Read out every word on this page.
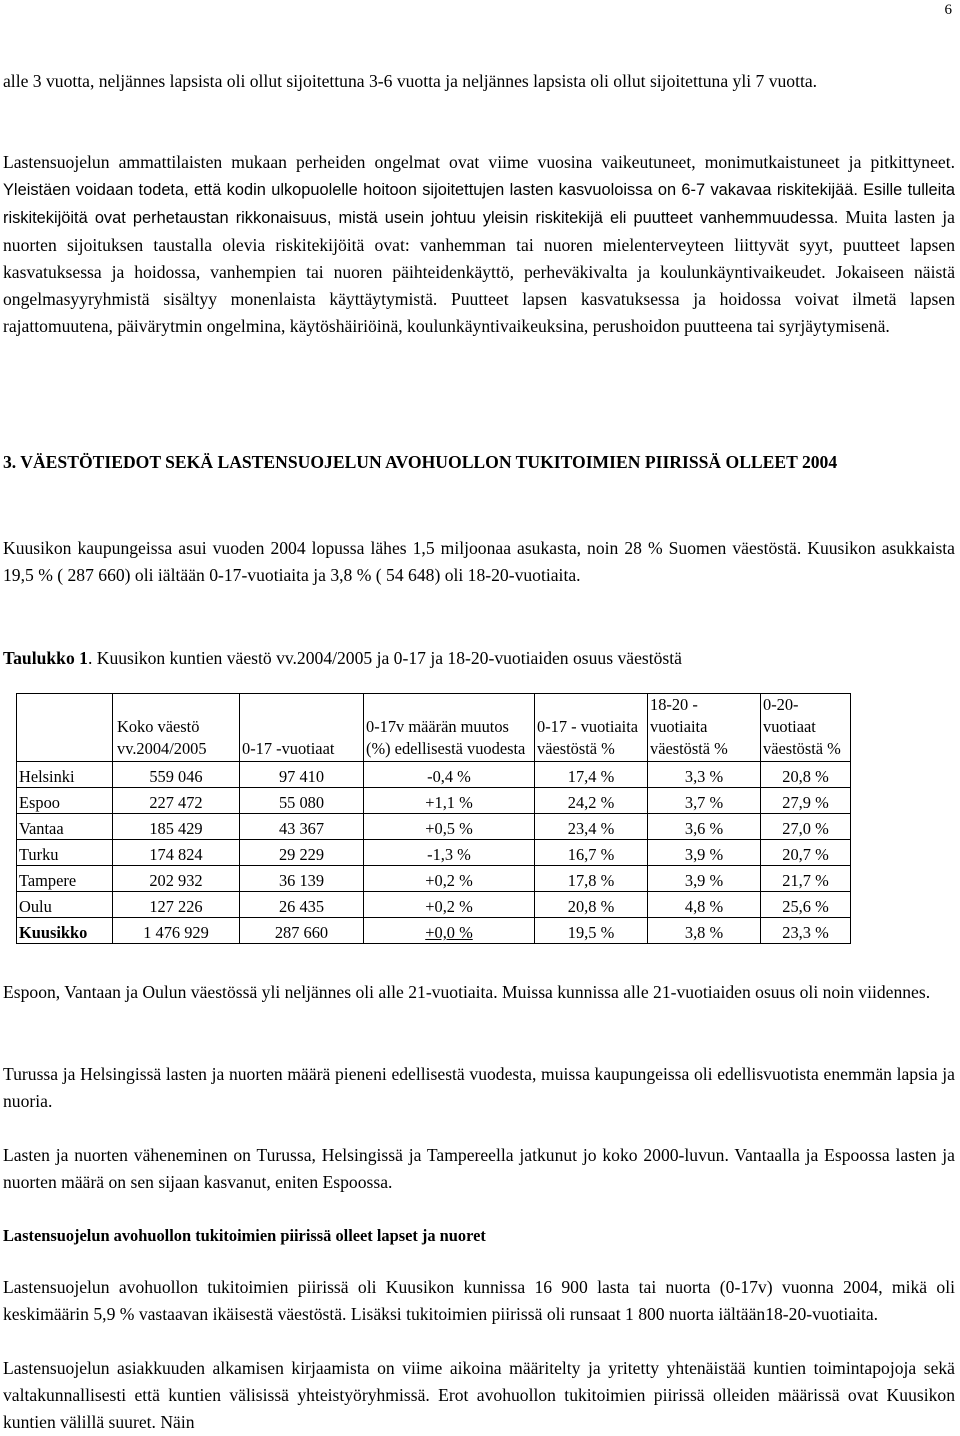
6

alle 3 vuotta, neljännes lapsista oli ollut sijoitettuna 3-6 vuotta ja neljännes lapsista oli ollut sijoitettuna yli 7 vuotta.

Lastensuojelun ammattilaisten mukaan perheiden ongelmat ovat viime vuosina vaikeutuneet, monimutkaistuneet ja pitkittyneet. Yleistäen voidaan todeta, että kodin ulkopuolelle hoitoon sijoitettujen lasten kasvuoloissa on 6-7 vakavaa riskitekijää. Esille tulleita riskitekijöitä ovat perhetaustan rikkonaisuus, mistä usein johtuu yleisin riskitekijä eli puutteet vanhemmuudessa. Muita lasten ja nuorten sijoituksen taustalla olevia riskitekijöitä ovat: vanhemman tai nuoren mielenterveyteen liittyvät syyt, puutteet lapsen kasvatuksessa ja hoidossa, vanhempien tai nuoren päihteidenkäyttö, perheväkivalta ja koulunkäyntivaikeudet. Jokaiseen näistä ongelmasyyryhmistä sisältyy monenlaista käyttäytymistä. Puutteet lapsen kasvatuksessa ja hoidossa voivat ilmetä lapsen rajattomuutena, päivärytmin ongelmina, käytöshäiriöinä, koulunkäyntivaikeuksina, perushoidon puutteena tai syrjäytymisenä.

3. VÄESTÖTIEDOT SEKÄ LASTENSUOJELUN AVOHUOLLON TUKITOIMIEN PIIRISSÄ OLLEET 2004

Kuusikon kaupungeissa asui vuoden 2004 lopussa lähes 1,5 miljoonaa asukasta, noin 28 % Suomen väestöstä. Kuusikon asukkaista 19,5 % ( 287 660) oli iältään 0-17-vuotiaita ja 3,8 % ( 54 648) oli 18-20-vuotiaita.

Taulukko 1. Kuusikon kuntien väestö vv.2004/2005 ja 0-17 ja 18-20-vuotiaiden osuus väestöstä

	Koko väestö vv.2004/2005	0-17 -vuotiaat	0-17v määrän muutos (%) edellisestä vuodesta	0-17 - vuotiaita väestöstä %	18-20 - vuotiaita väestöstä %	0-20- vuotiaat väestöstä %
Helsinki	559 046	97 410	-0,4 %	17,4 %	3,3 %	20,8 %
Espoo	227 472	55 080	+1,1 %	24,2 %	3,7 %	27,9 %
Vantaa	185 429	43 367	+0,5 %	23,4 %	3,6 %	27,0 %
Turku	174 824	29 229	-1,3 %	16,7 %	3,9 %	20,7 %
Tampere	202 932	36 139	+0,2 %	17,8 %	3,9 %	21,7 %
Oulu	127 226	26 435	+0,2 %	20,8 %	4,8 %	25,6 %
Kuusikko	1 476 929	287 660	+0,0 %	19,5 %	3,8 %	23,3 %

Espoon, Vantaan ja Oulun väestössä yli neljännes oli alle 21-vuotiaita. Muissa kunnissa alle 21-vuotiaiden osuus oli noin viidennes.

Turussa ja Helsingissä lasten ja nuorten määrä pieneni edellisestä vuodesta, muissa kaupungeissa oli edellisvuotista enemmän lapsia ja nuoria.

Lasten ja nuorten väheneminen on Turussa, Helsingissä ja Tampereella jatkunut jo koko 2000-luvun. Vantaalla ja Espoossa lasten ja nuorten määrä on sen sijaan kasvanut, eniten Espoossa.

Lastensuojelun avohuollon tukitoimien piirissä olleet lapset ja nuoret

Lastensuojelun avohuollon tukitoimien piirissä oli Kuusikon kunnissa 16 900 lasta tai nuorta (0-17v) vuonna 2004, mikä oli keskimäärin 5,9 % vastaavan ikäisestä väestöstä. Lisäksi tukitoimien piirissä oli runsaat 1 800 nuorta iältään18-20-vuotiaita.

Lastensuojelun asiakkuuden alkamisen kirjaamista on viime aikoina määritelty ja yritetty yhtenäistää kuntien toimintapojoja sekä valtakunnallisesti että kuntien välisissä yhteistyöryhmissä. Erot avohuollon tukitoimien piirissä olleiden määrissä ovat Kuusikon kuntien välillä suuret. Näin
